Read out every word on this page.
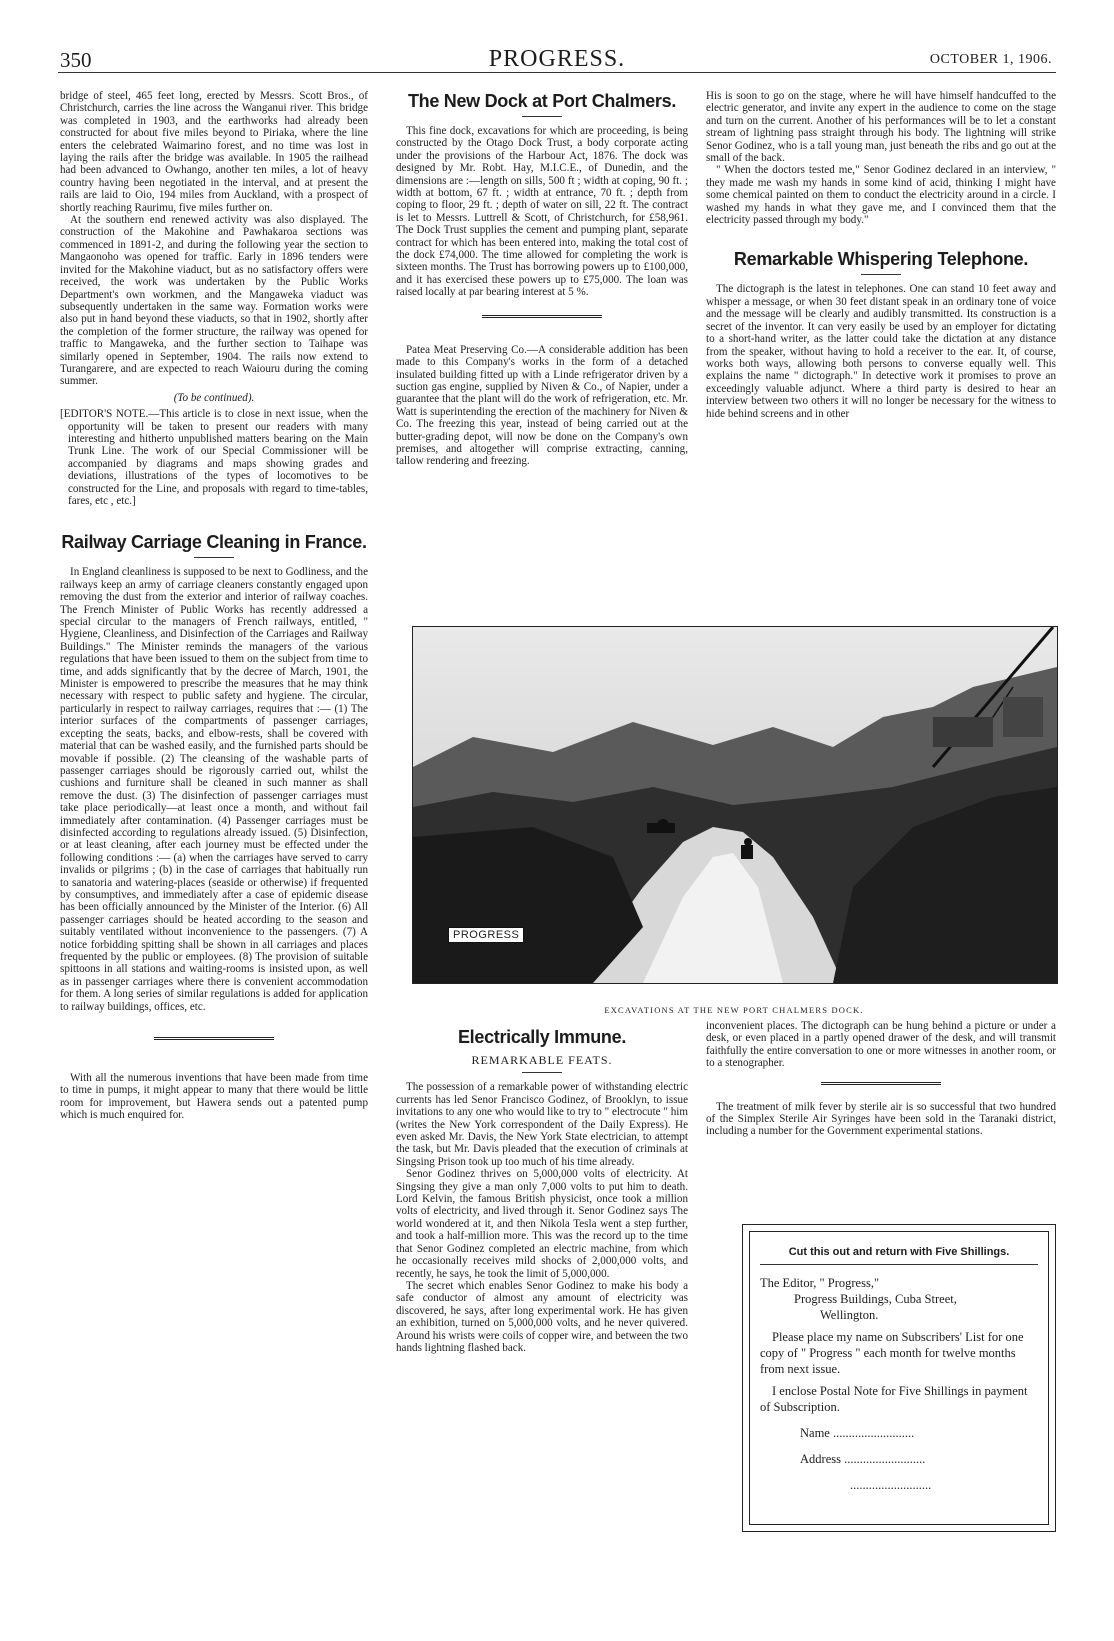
350	PROGRESS.	OCTOBER 1, 1906.

bridge of steel, 465 feet long, erected by Messrs. Scott Bros., of Christchurch, carries the line across the Wanganui river. This bridge was completed in 1903, and the earthworks had already been constructed for about five miles beyond to Piriaka, where the line enters the celebrated Waimarino forest, and no time was lost in laying the rails after the bridge was available. In 1905 the railhead had been advanced to Owhango, another ten miles, a lot of heavy country having been negotiated in the interval, and at present the rails are laid to Oio, 194 miles from Auckland, with a prospect of shortly reaching Raurimu, five miles further on.

At the southern end renewed activity was also displayed. The construction of the Makohine and Pawhakaroa sections was commenced in 1891-2, and during the following year the section to Mangaonoho was opened for traffic. Early in 1896 tenders were invited for the Makohine viaduct, but as no satisfactory offers were received, the work was undertaken by the Public Works Department's own workmen, and the Mangaweka viaduct was subsequently undertaken in the same way. Formation works were also put in hand beyond these viaducts, so that in 1902, shortly after the completion of the former structure, the railway was opened for traffic to Mangaweka, and the further section to Taihape was similarly opened in September, 1904. The rails now extend to Turangarere, and are expected to reach Waiouru during the coming summer.

(To be continued).

[EDITOR'S NOTE.—This article is to close in next issue, when the opportunity will be taken to present our readers with many interesting and hitherto unpublished matters bearing on the Main Trunk Line. The work of our Special Commissioner will be accompanied by diagrams and maps showing grades and deviations, illustrations of the types of locomotives to be constructed for the Line, and proposals with regard to time-tables, fares, etc , etc.]

Railway Carriage Cleaning in France.

In England cleanliness is supposed to be next to Godliness, and the railways keep an army of carriage cleaners constantly engaged upon removing the dust from the exterior and interior of railway coaches. The French Minister of Public Works has recently addressed a special circular to the managers of French railways, entitled, " Hygiene, Cleanliness, and Disinfection of the Carriages and Railway Buildings." The Minister reminds the managers of the various regulations that have been issued to them on the subject from time to time, and adds significantly that by the decree of March, 1901, the Minister is empowered to prescribe the measures that he may think necessary with respect to public safety and hygiene. The circular, particularly in respect to railway carriages, requires that :— (1) The interior surfaces of the compartments of passenger carriages, excepting the seats, backs, and elbow-rests, shall be covered with material that can be washed easily, and the furnished parts should be movable if possible. (2) The cleansing of the washable parts of passenger carriages should be rigorously carried out, whilst the cushions and furniture shall be cleaned in such manner as shall remove the dust. (3) The disinfection of passenger carriages must take place periodically—at least once a month, and without fail immediately after contamination. (4) Passenger carriages must be disinfected according to regulations already issued. (5) Disinfection, or at least cleaning, after each journey must be effected under the following conditions :— (a) when the carriages have served to carry invalids or pilgrims ; (b) in the case of carriages that habitually run to sanatoria and watering-places (seaside or otherwise) if frequented by consumptives, and immediately after a case of epidemic disease has been officially announced by the Minister of the Interior. (6) All passenger carriages should be heated according to the season and suitably ventilated without inconvenience to the passengers. (7) A notice forbidding spitting shall be shown in all carriages and places frequented by the public or employees. (8) The provision of suitable spittoons in all stations and waiting-rooms is insisted upon, as well as in passenger carriages where there is convenient accommodation for them. A long series of similar regulations is added for application to railway buildings, offices, etc.

With all the numerous inventions that have been made from time to time in pumps, it might appear to many that there would be little room for improvement, but Hawera sends out a patented pump which is much enquired for.

The New Dock at Port Chalmers.

This fine dock, excavations for which are proceeding, is being constructed by the Otago Dock Trust, a body corporate acting under the provisions of the Harbour Act, 1876. The dock was designed by Mr. Robt. Hay, M.I.C.E., of Dunedin, and the dimensions are :—length on sills, 500 ft ; width at coping, 90 ft. ; width at bottom, 67 ft. ; width at entrance, 70 ft. ; depth from coping to floor, 29 ft. ; depth of water on sill, 22 ft. The contract is let to Messrs. Luttrell & Scott, of Christchurch, for £58,961. The Dock Trust supplies the cement and pumping plant, separate contract for which has been entered into, making the total cost of the dock £74,000. The time allowed for completing the work is sixteen months. The Trust has borrowing powers up to £100,000, and it has exercised these powers up to £75,000. The loan was raised locally at par bearing interest at 5 %.

Patea Meat Preserving Co.—A considerable addition has been made to this Company's works in the form of a detached insulated building fitted up with a Linde refrigerator driven by a suction gas engine, supplied by Niven & Co., of Napier, under a guarantee that the plant will do the work of refrigeration, etc. Mr. Watt is superintending the erection of the machinery for Niven & Co. The freezing this year, instead of being carried out at the butter-grading depot, will now be done on the Company's own premises, and altogether will comprise extracting, canning, tallow rendering and freezing.

His is soon to go on the stage, where he will have himself handcuffed to the electric generator, and invite any expert in the audience to come on the stage and turn on the current. Another of his performances will be to let a constant stream of lightning pass straight through his body. The lightning will strike Senor Godinez, who is a tall young man, just beneath the ribs and go out at the small of the back.

" When the doctors tested me," Senor Godinez declared in an interview, " they made me wash my hands in some kind of acid, thinking I might have some chemical painted on them to conduct the electricity around in a circle. I washed my hands in what they gave me, and I convinced them that the electricity passed through my body."

Remarkable Whispering Telephone.

The dictograph is the latest in telephones. One can stand 10 feet away and whisper a message, or when 30 feet distant speak in an ordinary tone of voice and the message will be clearly and audibly transmitted. Its construction is a secret of the inventor. It can very easily be used by an employer for dictating to a short-hand writer, as the latter could take the dictation at any distance from the speaker, without having to hold a receiver to the ear. It, of course, works both ways, allowing both persons to converse equally well. This explains the name " dictograph." In detective work it promises to prove an exceedingly valuable adjunct. Where a third party is desired to hear an interview between two others it will no longer be necessary for the witness to hide behind screens and in other

PROGRESS
EXCAVATIONS AT THE NEW PORT CHALMERS DOCK.
Electrically Immune.
REMARKABLE FEATS.

The possession of a remarkable power of withstanding electric currents has led Senor Francisco Godinez, of Brooklyn, to issue invitations to any one who would like to try to " electrocute " him (writes the New York correspondent of the Daily Express). He even asked Mr. Davis, the New York State electrician, to attempt the task, but Mr. Davis pleaded that the execution of criminals at Singsing Prison took up too much of his time already.

Senor Godinez thrives on 5,000,000 volts of electricity. At Singsing they give a man only 7,000 volts to put him to death. Lord Kelvin, the famous British physicist, once took a million volts of electricity, and lived through it. Senor Godinez says The world wondered at it, and then Nikola Tesla went a step further, and took a half-million more. This was the record up to the time that Senor Godinez completed an electric machine, from which he occasionally receives mild shocks of 2,000,000 volts, and recently, he says, he took the limit of 5,000,000.

The secret which enables Senor Godinez to make his body a safe conductor of almost any amount of electricity was discovered, he says, after long experimental work. He has given an exhibition, turned on 5,000,000 volts, and he never quivered. Around his wrists were coils of copper wire, and between the two hands lightning flashed back.

inconvenient places. The dictograph can be hung behind a picture or under a desk, or even placed in a partly opened drawer of the desk, and will transmit faithfully the entire conversation to one or more witnesses in another room, or to a stenographer.

The treatment of milk fever by sterile air is so successful that two hundred of the Simplex Sterile Air Syringes have been sold in the Taranaki district, including a number for the Government experimental stations.

Cut this out and return with Five Shillings.

The Editor, " Progress,"

Progress Buildings, Cuba Street,

Wellington.

Please place my name on Subscribers' List for one copy of " Progress " each month for twelve months from next issue.

I enclose Postal Note for Five Shillings in payment of Subscription.

Name ..........................

Address ..........................

..........................
